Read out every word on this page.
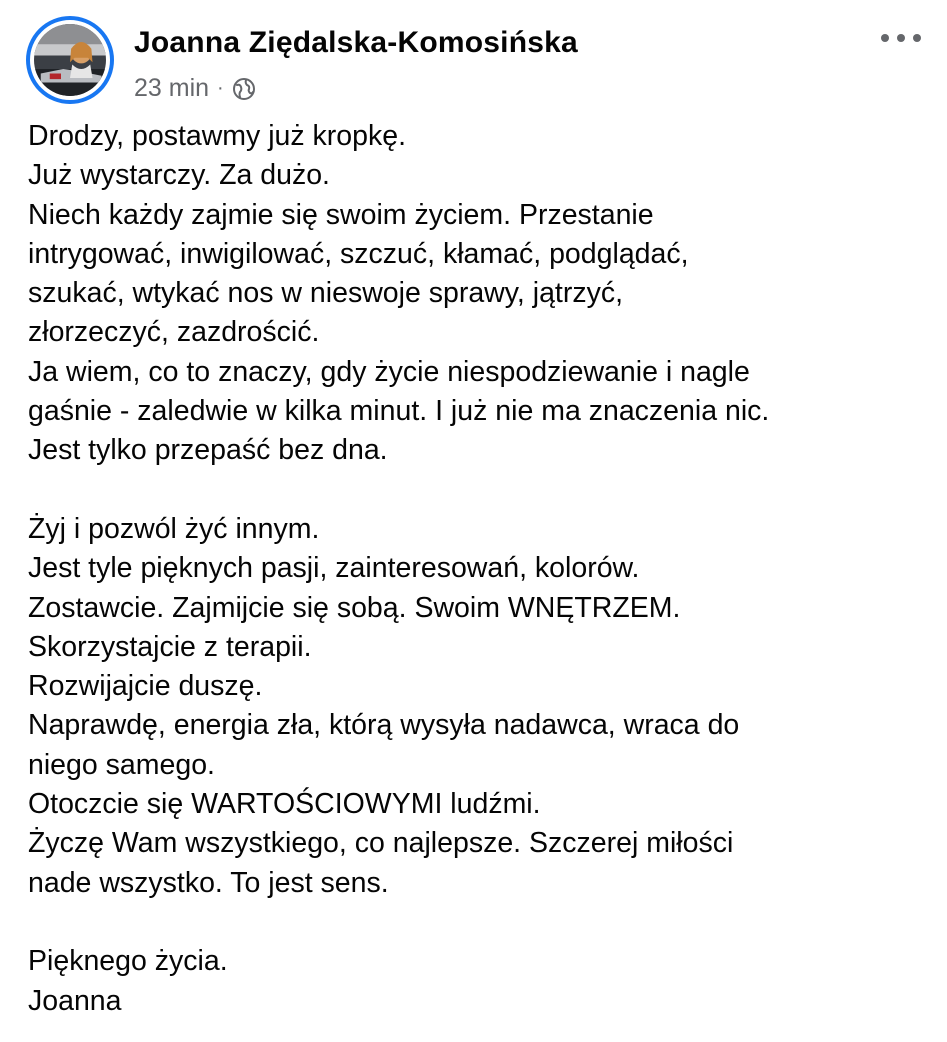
Joanna Ziędalska-Komosińska
23 min ·

Drodzy, postawmy już kropkę.
Już wystarczy. Za dużo.
Niech każdy zajmie się swoim życiem. Przestanie
intrygować, inwigilować, szczuć, kłamać, podglądać,
szukać, wtykać nos w nieswoje sprawy, jątrzyć,
złorzeczyć, zazdrościć.
Ja wiem, co to znaczy, gdy życie niespodziewanie i nagle
gaśnie - zaledwie w kilka minut. I już nie ma znaczenia nic.
Jest tylko przepaść bez dna.

Żyj i pozwól żyć innym.
Jest tyle pięknych pasji, zainteresowań, kolorów.
Zostawcie. Zajmijcie się sobą. Swoim WNĘTRZEM.
Skorzystajcie z terapii.
Rozwijajcie duszę.
Naprawdę, energia zła, którą wysyła nadawca, wraca do
niego samego.
Otoczcie się WARTOŚCIOWYMI ludźmi.
Życzę Wam wszystkiego, co najlepsze. Szczerej miłości
nade wszystko. To jest sens.

Pięknego życia.
Joanna
